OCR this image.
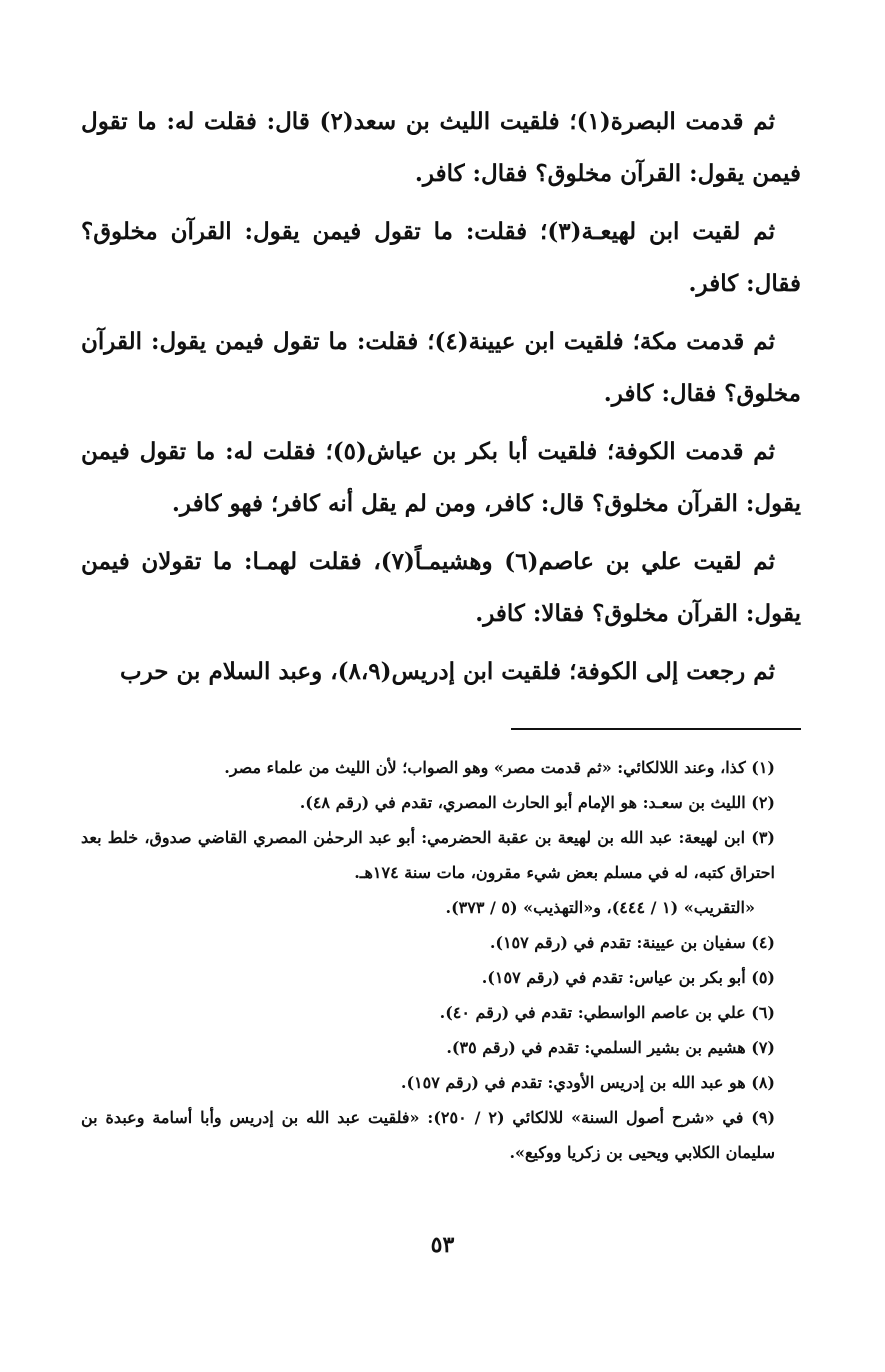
ثم قدمت البصرة(١)؛ فلقيت الليث بن سعد(٢) قال: فقلت له: ما تقول فيمن يقول: القرآن مخلوق؟ فقال: كافر.

ثم لقيت ابن لهيعـة(٣)؛ فقلت: ما تقول فيمن يقول: القرآن مخلوق؟ فقال: كافر.

ثم قدمت مكة؛ فلقيت ابن عيينة(٤)؛ فقلت: ما تقول فيمن يقول: القرآن مخلوق؟ فقال: كافر.

ثم قدمت الكوفة؛ فلقيت أبا بكر بن عياش(٥)؛ فقلت له: ما تقول فيمن يقول: القرآن مخلوق؟ قال: كافر، ومن لم يقل أنه كافر؛ فهو كافر.

ثم لقيت علي بن عاصم(٦) وهشيمـاً(٧)، فقلت لهمـا: ما تقولان فيمن يقول: القرآن مخلوق؟ فقالا: كافر.

ثم رجعت إلى الكوفة؛ فلقيت ابن إدريس(٨،٩)، وعبد السلام بن حرب

(١) كذا، وعند اللالكائي: «ثم قدمت مصر» وهو الصواب؛ لأن الليث من علماء مصر.

(٢) الليث بن سعـد: هو الإمام أبو الحارث المصري، تقدم في (رقم ٤٨).

(٣) ابن لهيعة: عبد الله بن لهيعة بن عقبة الحضرمي: أبو عبد الرحمٰن المصري القاضي صدوق، خلط بعد احتراق كتبه، له في مسلم بعض شيء مقرون، مات سنة ١٧٤هـ.

«التقريب» (١ / ٤٤٤)، و«التهذيب» (٥ / ٣٧٣).

(٤) سفيان بن عيينة: تقدم في (رقم ١٥٧).

(٥) أبو بكر بن عياس: تقدم في (رقم ١٥٧).

(٦) علي بن عاصم الواسطي: تقدم في (رقم ٤٠).

(٧) هشيم بن بشير السلمي: تقدم في (رقم ٣٥).

(٨) هو عبد الله بن إدريس الأودي: تقدم في (رقم ١٥٧).

(٩) في «شرح أصول السنة» للالكائي (٢ / ٢٥٠): «فلقيت عبد الله بن إدريس وأبا أسامة وعبدة بن سليمان الكلابي ويحيى بن زكريا ووكيع».

٥٣
